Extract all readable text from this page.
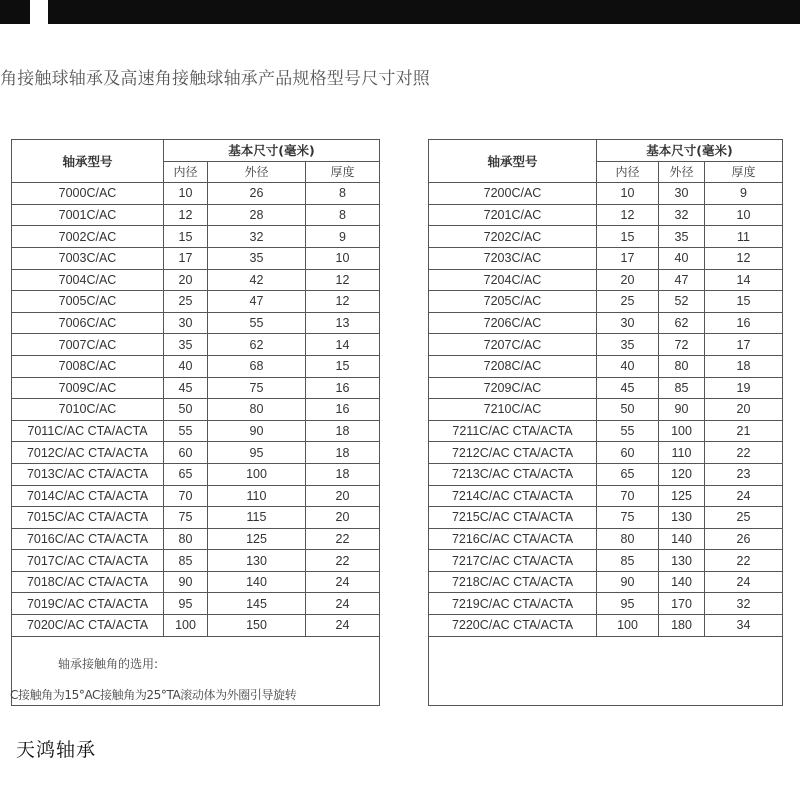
角接触球轴承及高速角接触球轴承产品规格型号尺寸对照
轴承型号	基本尺寸(毫米)		
	内径	外径	厚度
7000C/AC	10	26	8
7001C/AC	12	28	8
7002C/AC	15	32	9
7003C/AC	17	35	10
7004C/AC	20	42	12
7005C/AC	25	47	12
7006C/AC	30	55	13
7007C/AC	35	62	14
7008C/AC	40	68	15
7009C/AC	45	75	16
7010C/AC	50	80	16
7011C/AC CTA/ACTA	55	90	18
7012C/AC CTA/ACTA	60	95	18
7013C/AC CTA/ACTA	65	100	18
7014C/AC CTA/ACTA	70	110	20
7015C/AC CTA/ACTA	75	115	20
7016C/AC CTA/ACTA	80	125	22
7017C/AC CTA/ACTA	85	130	22
7018C/AC CTA/ACTA	90	140	24
7019C/AC CTA/ACTA	95	145	24
7020C/AC CTA/ACTA	100	150	24
轴承型号	基本尺寸(毫米)		
	内径	外径	厚度
7200C/AC	10	30	9
7201C/AC	12	32	10
7202C/AC	15	35	11
7203C/AC	17	40	12
7204C/AC	20	47	14
7205C/AC	25	52	15
7206C/AC	30	62	16
7207C/AC	35	72	17
7208C/AC	40	80	18
7209C/AC	45	85	19
7210C/AC	50	90	20
7211C/AC CTA/ACTA	55	100	21
7212C/AC CTA/ACTA	60	110	22
7213C/AC CTA/ACTA	65	120	23
7214C/AC CTA/ACTA	70	125	24
7215C/AC CTA/ACTA	75	130	25
7216C/AC CTA/ACTA	80	140	26
7217C/AC CTA/ACTA	85	130	22
7218C/AC CTA/ACTA	90	140	24
7219C/AC CTA/ACTA	95	170	32
7220C/AC CTA/ACTA	100	180	34
轴承接触角的选用:
C接触角为15°AC接触角为25°TA滚动体为外圈引导旋转
天鸿轴承
